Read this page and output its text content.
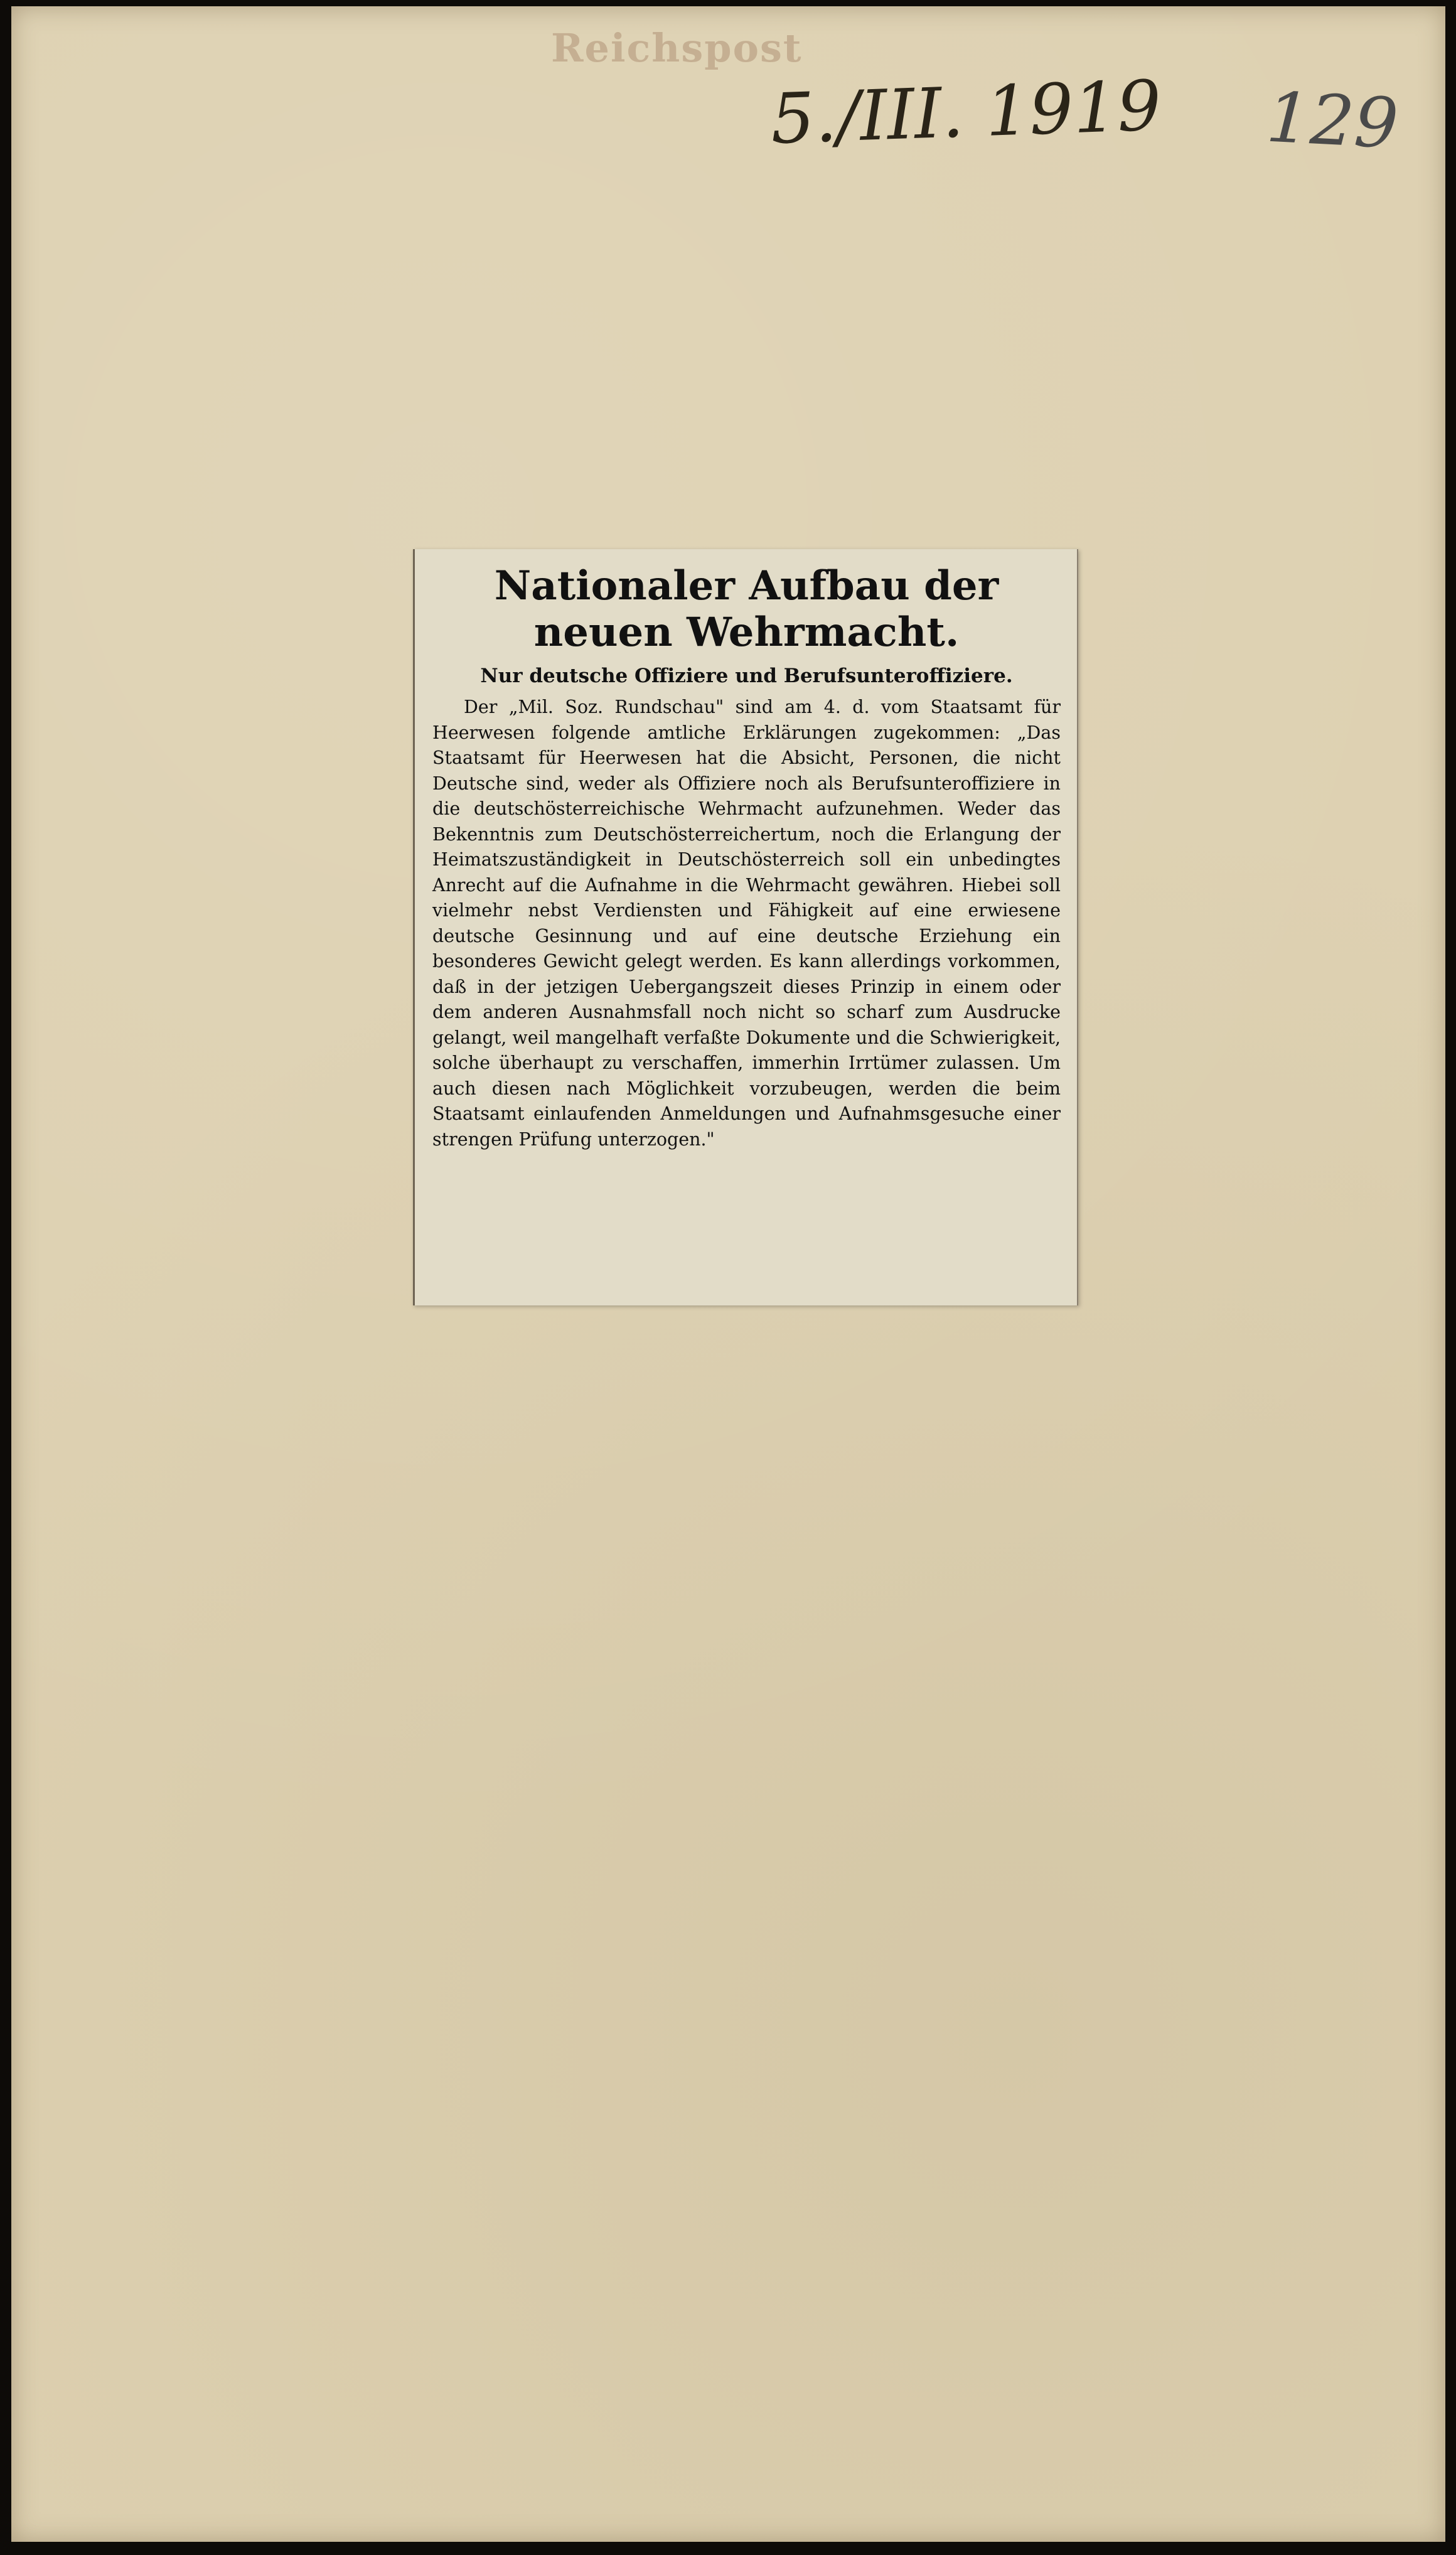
Reichspost
5./III. 1919 129
Nationaler Aufbau der neuen Wehrmacht.
Nur deutsche Offiziere und Berufsunteroffiziere.

Der „Mil. Soz. Rundschau" sind am 4. d. vom Staatsamt für Heerwesen folgende amtliche Erklärungen zugekommen: „Das Staatsamt für Heerwesen hat die Absicht, Personen, die nicht Deutsche sind, weder als Offiziere noch als Berufsunteroffiziere in die deutschösterreichische Wehrmacht aufzunehmen. Weder das Bekenntnis zum Deutschösterreichertum, noch die Erlangung der Heimatszuständigkeit in Deutschösterreich soll ein unbedingtes Anrecht auf die Aufnahme in die Wehrmacht gewähren. Hiebei soll vielmehr nebst Verdiensten und Fähigkeit auf eine erwiesene deutsche Gesinnung und auf eine deutsche Erziehung ein besonderes Gewicht gelegt werden. Es kann allerdings vorkommen, daß in der jetzigen Uebergangszeit dieses Prinzip in einem oder dem anderen Ausnahmsfall noch nicht so scharf zum Ausdrucke gelangt, weil mangelhaft verfaßte Dokumente und die Schwierigkeit, solche überhaupt zu verschaffen, immerhin Irrtümer zulassen. Um auch diesen nach Möglichkeit vorzubeugen, werden die beim Staatsamt einlaufenden Anmeldungen und Aufnahmsgesuche einer strengen Prüfung unterzogen."
